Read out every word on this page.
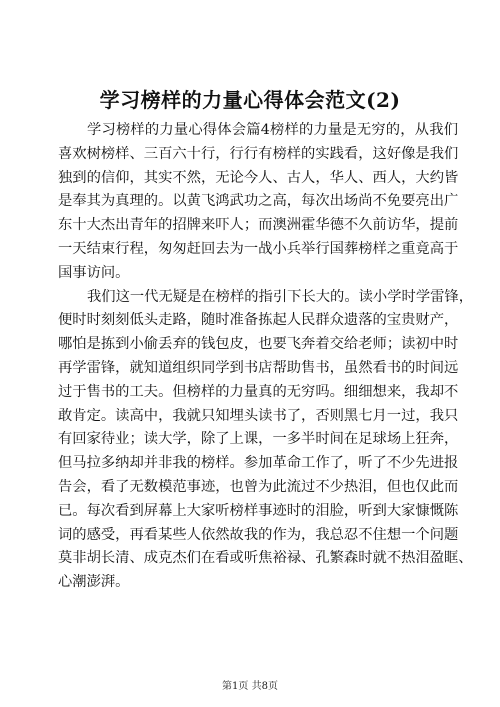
学习榜样的力量心得体会范文(2)
学习榜样的力量心得体会篇4榜样的力量是无穷的，从我们
喜欢树榜样、三百六十行，行行有榜样的实践看，这好像是我们
独到的信仰，其实不然，无论今人、古人，华人、西人，大约皆
是奉其为真理的。以黄飞鸿武功之高，每次出场尚不免要亮出广
东十大杰出青年的招牌来吓人；而澳洲霍华德不久前访华，提前
一天结束行程，匆匆赶回去为一战小兵举行国葬榜样之重竟高于
国事访问。
我们这一代无疑是在榜样的指引下长大的。读小学时学雷锋，
便时时刻刻低头走路，随时准备拣起人民群众遗落的宝贵财产，
哪怕是拣到小偷丢弃的钱包皮，也要飞奔着交给老师；读初中时
再学雷锋，就知道组织同学到书店帮助售书，虽然看书的时间远
过于售书的工夫。但榜样的力量真的无穷吗。细细想来，我却不
敢肯定。读高中，我就只知埋头读书了，否则黑七月一过，我只
有回家待业；读大学，除了上课，一多半时间在足球场上狂奔，
但马拉多纳却并非我的榜样。参加革命工作了，听了不少先进报
告会，看了无数模范事迹，也曾为此流过不少热泪，但也仅此而
已。每次看到屏幕上大家听榜样事迹时的泪脸，听到大家慷慨陈
词的感受，再看某些人依然故我的作为，我总忍不住想一个问题
莫非胡长清、成克杰们在看或听焦裕禄、孔繁森时就不热泪盈眶、
心潮澎湃。
第1页 共8页
